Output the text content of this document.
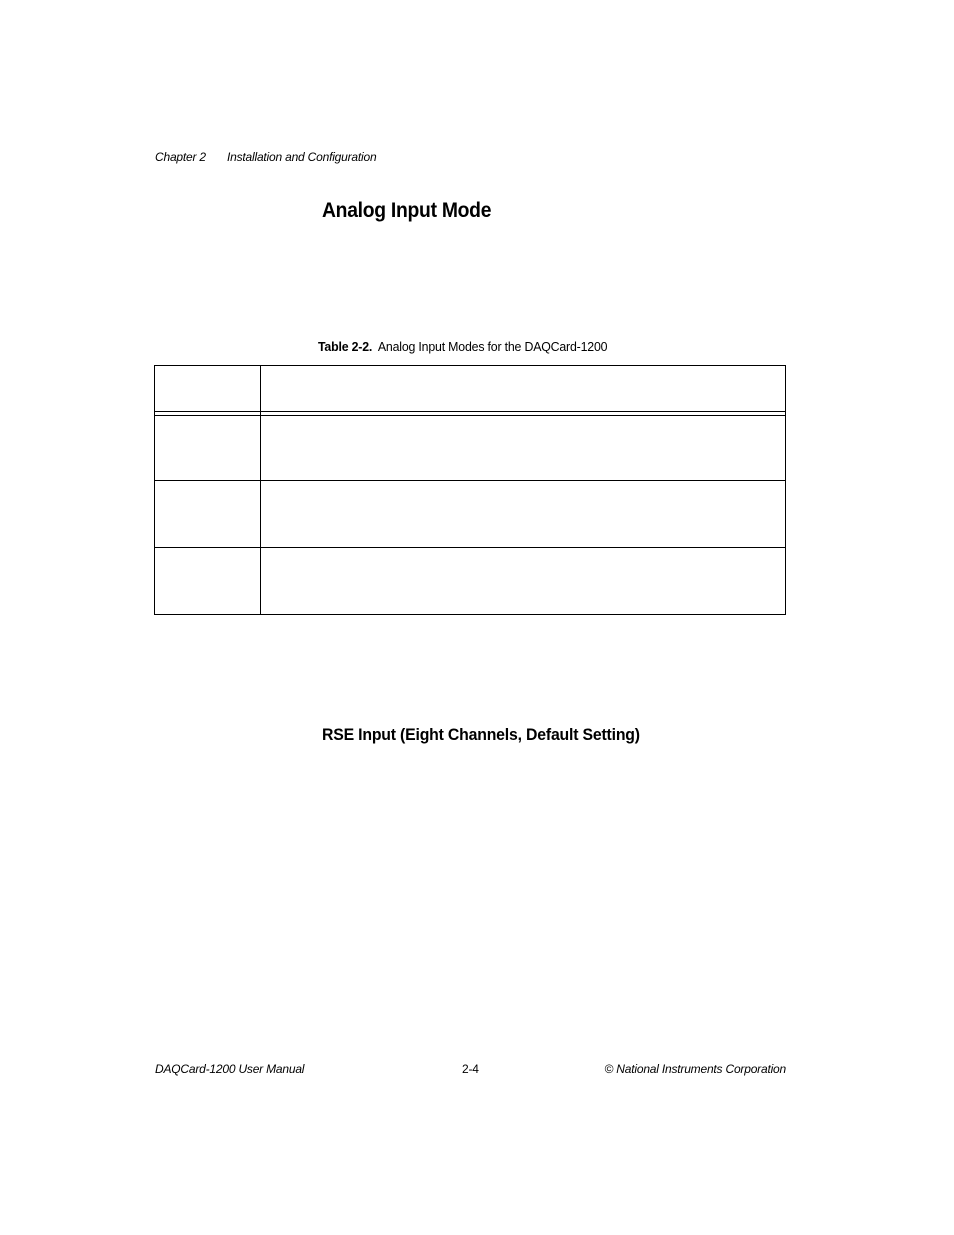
Chapter 2 Installation and Configuration
Analog Input Mode
Table 2-2. Analog Input Modes for the DAQCard-1200
RSE Input (Eight Channels, Default Setting)
DAQCard-1200 User Manual	2-4	© National Instruments Corporation
